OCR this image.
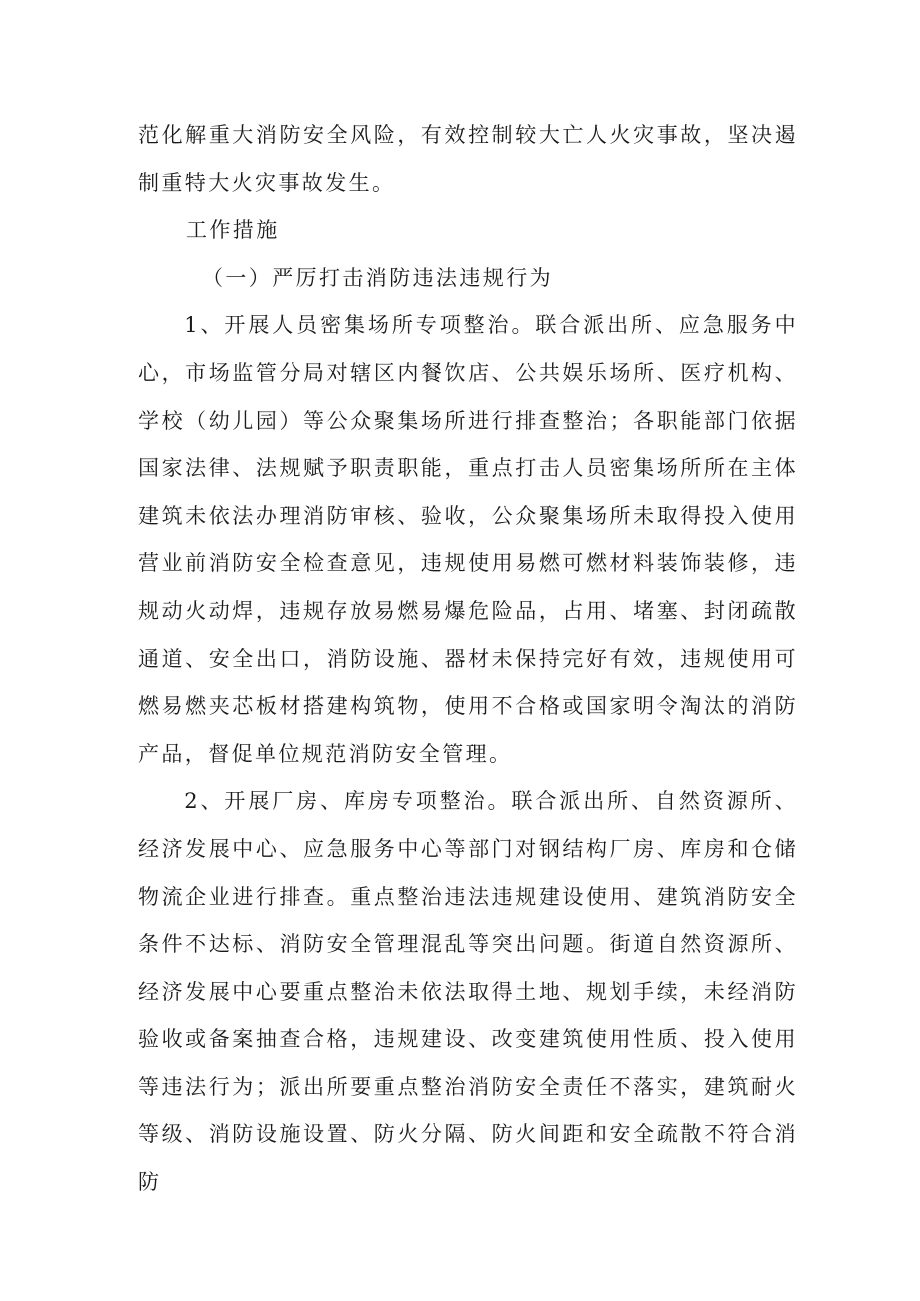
范化解重大消防安全风险，有效控制较大亡人火灾事故，坚决遏制重特大火灾事故发生。

工作措施

（一）严厉打击消防违法违规行为

1、开展人员密集场所专项整治。联合派出所、应急服务中心，市场监管分局对辖区内餐饮店、公共娱乐场所、医疗机构、学校（幼儿园）等公众聚集场所进行排查整治；各职能部门依据国家法律、法规赋予职责职能，重点打击人员密集场所所在主体建筑未依法办理消防审核、验收，公众聚集场所未取得投入使用营业前消防安全检查意见，违规使用易燃可燃材料装饰装修，违规动火动焊，违规存放易燃易爆危险品，占用、堵塞、封闭疏散通道、安全出口，消防设施、器材未保持完好有效，违规使用可燃易燃夹芯板材搭建构筑物，使用不合格或国家明令淘汰的消防产品，督促单位规范消防安全管理。

2、开展厂房、库房专项整治。联合派出所、自然资源所、经济发展中心、应急服务中心等部门对钢结构厂房、库房和仓储物流企业进行排查。重点整治违法违规建设使用、建筑消防安全条件不达标、消防安全管理混乱等突出问题。街道自然资源所、经济发展中心要重点整治未依法取得土地、规划手续，未经消防验收或备案抽查合格，违规建设、改变建筑使用性质、投入使用等违法行为；派出所要重点整治消防安全责任不落实，建筑耐火等级、消防设施设置、防火分隔、防火间距和安全疏散不符合消防
